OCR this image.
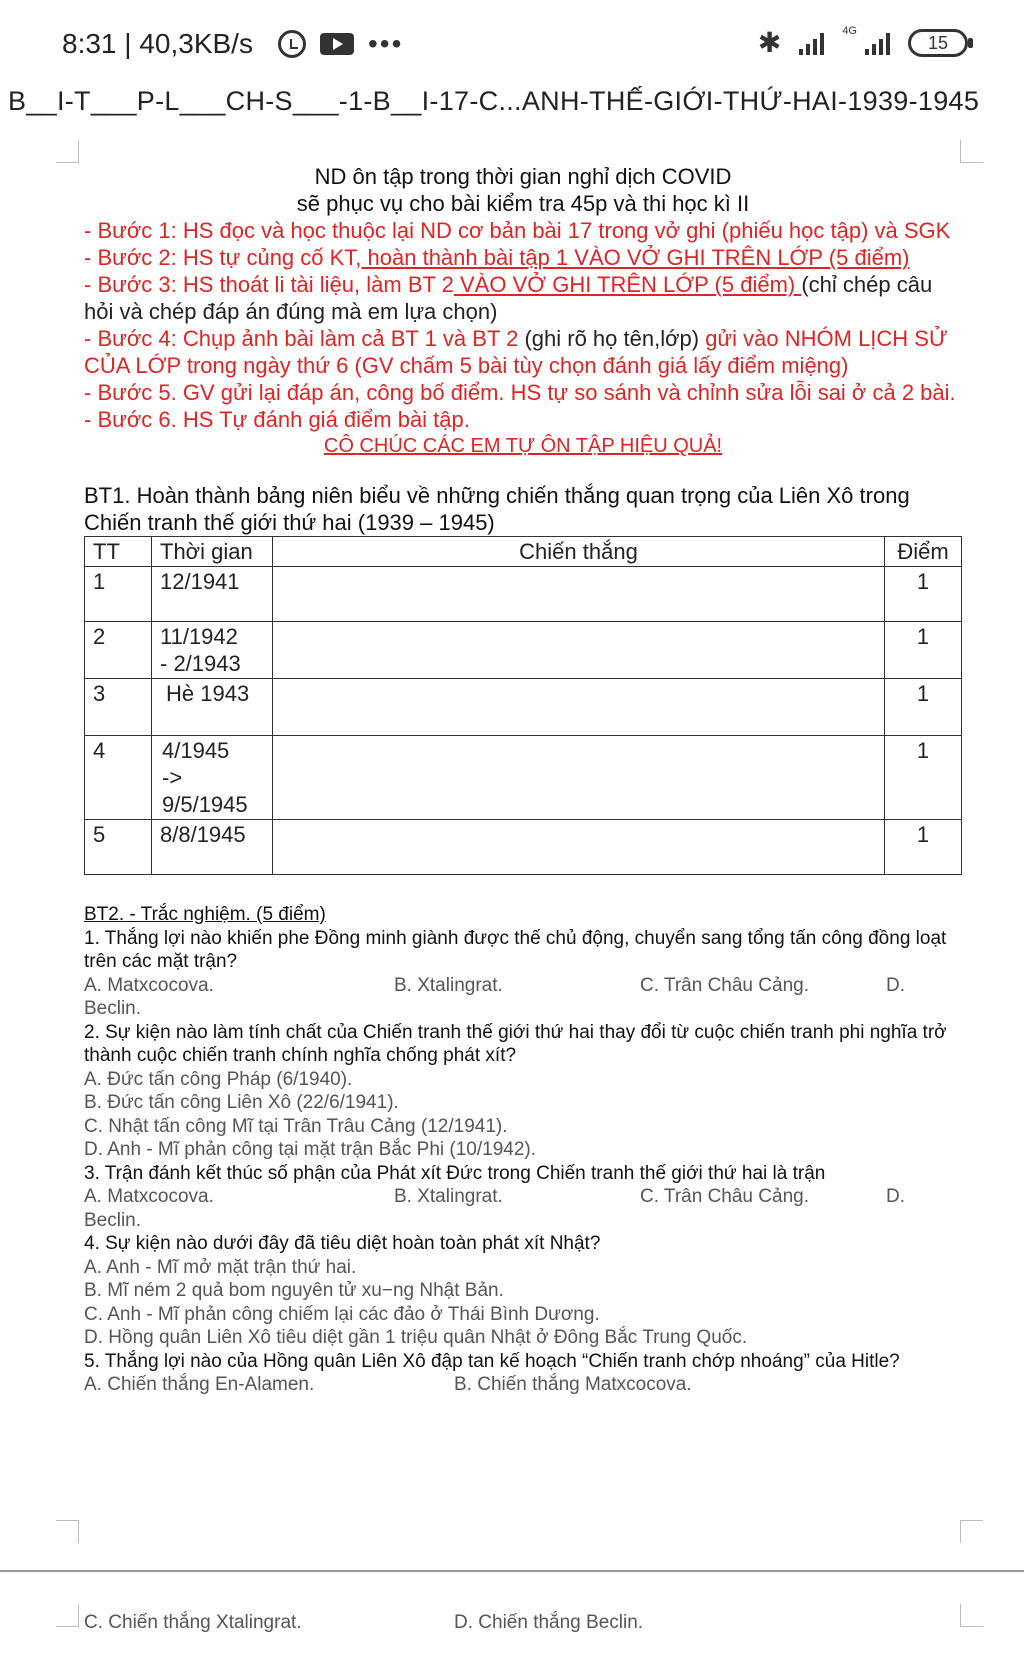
8:31 | 40,3KB/s	•••	✱	4G
15
B__I-T___P-L___CH-S___-1-B__I-17-C...ANH-THẾ-GIỚI-THỨ-HAI-1939-1945
ND ôn tập trong thời gian nghỉ dịch COVID
sẽ phục vụ cho bài kiểm tra 45p và thi học kì II
- Bước 1: HS đọc và học thuộc lại ND cơ bản bài 17 trong vở ghi (phiếu học tập) và SGK
- Bước 2: HS tự củng cố KT, hoàn thành bài tập 1 VÀO VỞ GHI TRÊN LỚP (5 điểm)
- Bước 3: HS thoát li tài liệu, làm BT 2 VÀO VỞ GHI TRÊN LỚP (5 điểm) (chỉ chép câu hỏi và chép đáp án đúng mà em lựa chọn)
- Bước 4: Chụp ảnh bài làm cả BT 1 và BT 2 (ghi rõ họ tên,lớp) gửi vào NHÓM LỊCH SỬ CỦA LỚP trong ngày thứ 6 (GV chấm 5 bài tùy chọn đánh giá lấy điểm miệng)
- Bước 5. GV gửi lại đáp án, công bố điểm. HS tự so sánh và chỉnh sửa lỗi sai ở cả 2 bài.
- Bước 6. HS Tự đánh giá điểm bài tập.
CÔ CHÚC CÁC EM TỰ ÔN TẬP HIỆU QUẢ!
BT1. Hoàn thành bảng niên biểu về những chiến thắng quan trọng của Liên Xô trong Chiến tranh thế giới thứ hai (1939 – 1945)
TT	Thời gian	Chiến thắng	Điểm
1	12/1941		1
2	11/1942
- 2/1943		1
3	Hè 1943		1
4	4/1945
->
9/5/1945		1
5	8/8/1945		1
BT2. - Trắc nghiệm. (5 điểm)
1. Thắng lợi nào khiến phe Đồng minh giành được thế chủ động, chuyển sang tổng tấn công đồng loạt trên các mặt trận?
A. Matxcocova.	B. Xtalingrat.	C. Trân Châu Cảng.	D.
Beclin.
2. Sự kiện nào làm tính chất của Chiến tranh thế giới thứ hai thay đổi từ cuộc chiến tranh phi nghĩa trở thành cuộc chiến tranh chính nghĩa chống phát xít?
A. Đức tấn công Pháp (6/1940).
B. Đức tấn công Liên Xô (22/6/1941).
C. Nhật tấn công Mĩ tại Trân Trâu Cảng (12/1941).
D. Anh - Mĩ phản công tại mặt trận Bắc Phi (10/1942).
3. Trận đánh kết thúc số phận của Phát xít Đức trong Chiến tranh thế giới thứ hai là trận
A. Matxcocova.	B. Xtalingrat.	C. Trân Châu Cảng.	D.
Beclin.
4. Sự kiện nào dưới đây đã tiêu diệt hoàn toàn phát xít Nhật?
A. Anh - Mĩ mở mặt trận thứ hai.
B. Mĩ ném 2 quả bom nguyên tử xu−ng Nhật Bản.
C. Anh - Mĩ phản công chiếm lại các đảo ở Thái Bình Dương.
D. Hồng quân Liên Xô tiêu diệt gần 1 triệu quân Nhật ở Đông Bắc Trung Quốc.
5. Thắng lợi nào của Hồng quân Liên Xô đập tan kế hoạch “Chiến tranh chớp nhoáng” của Hitle?
A. Chiến thắng En-Alamen.	B. Chiến thắng Matxcocova.
C. Chiến thắng Xtalingrat.	D. Chiến thắng Beclin.
